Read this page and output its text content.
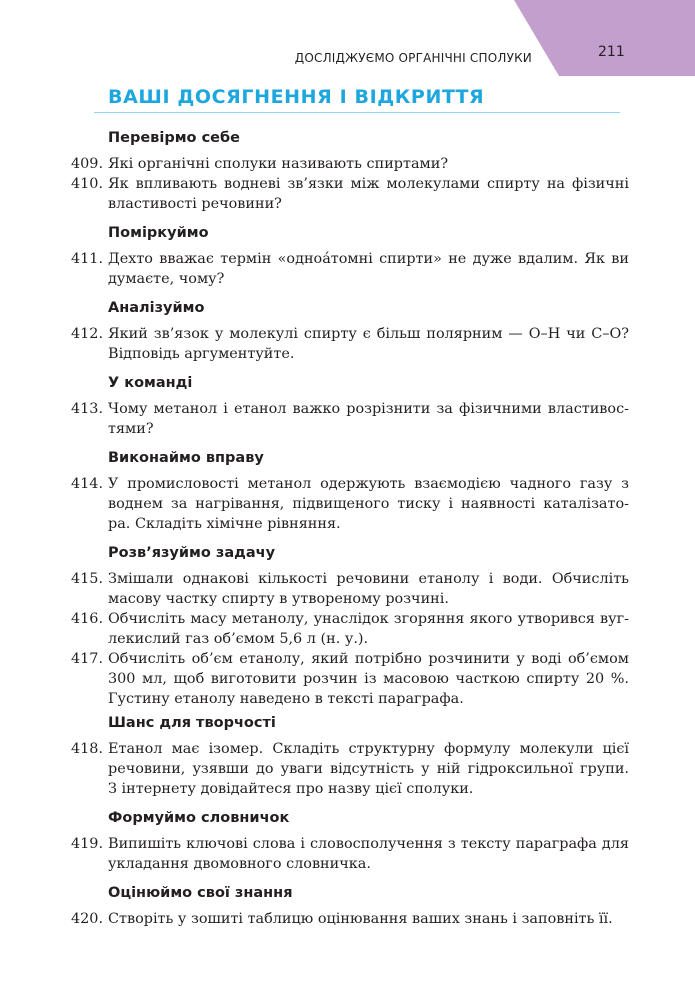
211
ДОСЛІДЖУЄМО ОРГАНІЧНІ СПОЛУКИ
ВАШІ ДОСЯГНЕННЯ І ВІДКРИТТЯ
Перевірмо себе
409. Які органічні сполуки називають спиртами?
410. Як впливають водневі зв’язки між молекулами спирту на фізичні
властивості речовини?
Поміркуймо
411. Дехто вважає термін «однoáтомні спирти» не дуже вдалим. Як ви
думаєте, чому?
Аналізуймо
412. Який зв’язок у молекулі спирту є більш полярним — О–Н чи С–О?
Відповідь аргументуйте.
У команді
413. Чому метанол і етанол важко розрізнити за фізичними властивос-
тями?
Виконаймо вправу
414. У промисловості метанол одержують взаємодією чадного газу з
воднем за нагрівання, підвищеного тиску і наявності каталізато-
ра. Складіть хімічне рівняння.
Розв’язуймо задачу
415. Змішали однакові кількості речовини етанолу і води. Обчисліть
масову частку спирту в утвореному розчині.
416. Обчисліть масу метанолу, унаслідок згоряння якого утворився вуг-
лекислий газ об’ємом 5,6 л (н. у.).
417. Обчисліть об’єм етанолу, який потрібно розчинити у воді об’ємом
300 мл, щоб виготовити розчин із масовою часткою спирту 20 %.
Густину етанолу наведено в тексті параграфа.
Шанс для творчості
418. Етанол має ізомер. Складіть структурну формулу молекули цієї
речовини, узявши до уваги відсутність у ній гідроксильної групи.
З інтернету довідайтеся про назву цієї сполуки.
Формуймо словничок
419. Випишіть ключові слова і словосполучення з тексту параграфа для
укладання двомовного словничка.
Оцінюймо свої знання
420. Створіть у зошиті таблицю оцінювання ваших знань і заповніть її.
